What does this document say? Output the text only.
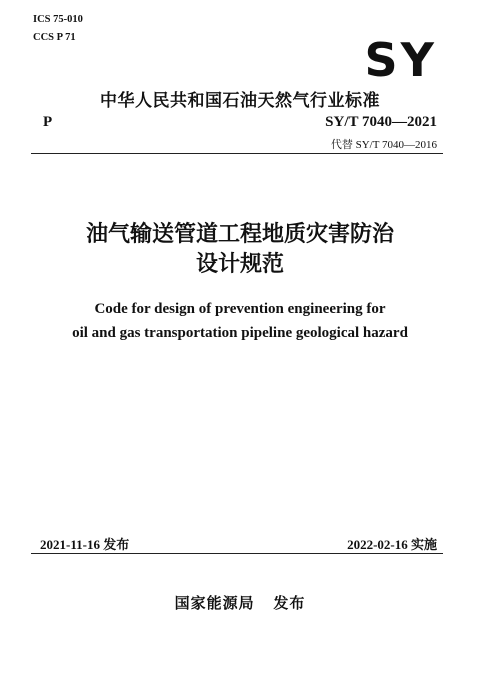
ICS 75-010
CCS P 71	SY
中华人民共和国石油天然气行业标准
P	SY/T 7040—2021
代替 SY/T 7040—2016
油气输送管道工程地质灾害防治
设计规范
Code for design of prevention engineering for
oil and gas transportation pipeline geological hazard
2021-11-16 发布	2022-02-16 实施
国家能源局   发布
